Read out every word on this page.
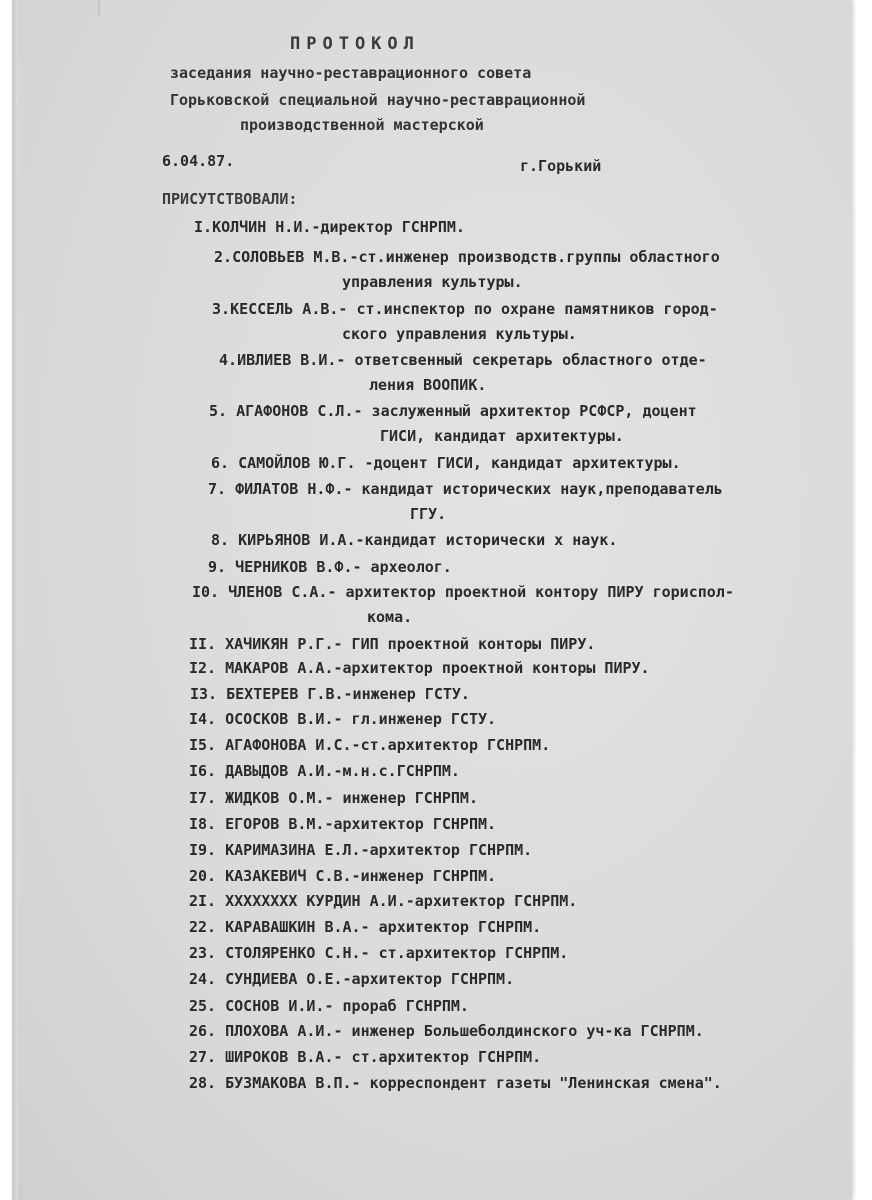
ПРОТОКОЛ
заседания научно-реставрационного совета
Горьковской специальной научно-реставрационной
производственной мастерской
6.04.87.	г.Горький
ПРИСУТСТВОВАЛИ:
I.КОЛЧИН Н.И.-директор ГСНРПМ.
2.СОЛОВЬЕВ М.В.-ст.инженер производств.группы областного
управления культуры.
3.КЕССЕЛЬ А.В.- ст.инспектор по охране памятников город-
ского управления культуры.
4.ИВЛИЕВ В.И.- ответсвенный секретарь областного отде-
ления ВООПИК.
5. АГАФОНОВ С.Л.- заслуженный архитектор РСФСР, доцент
ГИСИ, кандидат архитектуры.
6. САМОЙЛОВ Ю.Г. -доцент ГИСИ, кандидат архитектуры.
7. ФИЛАТОВ Н.Ф.- кандидат исторических наук,преподаватель
ГГУ.
8. КИРЬЯНОВ И.А.-кандидат исторически х наук.
9. ЧЕРНИКОВ В.Ф.- археолог.
I0. ЧЛЕНОВ С.А.- архитектор проектной контору ПИРУ гориспол-
кома.
II. ХАЧИКЯН Р.Г.- ГИП проектной конторы ПИРУ.
I2. МАКАРОВ А.А.-архитектор проектной конторы ПИРУ.
I3. БЕХТЕРЕВ Г.В.-инженер ГСТУ.
I4. ОСОСКОВ В.И.- гл.инженер ГСТУ.
I5. АГАФОНОВА И.С.-ст.архитектор ГСНРПМ.
I6. ДАВЫДОВ А.И.-м.н.с.ГСНРПМ.
I7. ЖИДКОВ О.М.- инженер ГСНРПМ.
I8. ЕГОРОВ В.М.-архитектор ГСНРПМ.
I9. КАРИМАЗИНА Е.Л.-архитектор ГСНРПМ.
20. КАЗАКЕВИЧ С.В.-инженер ГСНРПМ.
2I. ХХХХХХХХ КУРДИН А.И.-архитектор ГСНРПМ.
22. КАРАВАШКИН В.А.- архитектор ГСНРПМ.
23. СТОЛЯРЕНКО С.Н.- ст.архитектор ГСНРПМ.
24. СУНДИЕВА О.Е.-архитектор ГСНРПМ.
25. СОСНОВ И.И.- прораб ГСНРПМ.
26. ПЛОХОВА А.И.- инженер Большеболдинского уч-ка ГСНРПМ.
27. ШИРОКОВ В.А.- ст.архитектор ГСНРПМ.
28. БУЗМАКОВА В.П.- корреспондент газеты "Ленинская смена".
